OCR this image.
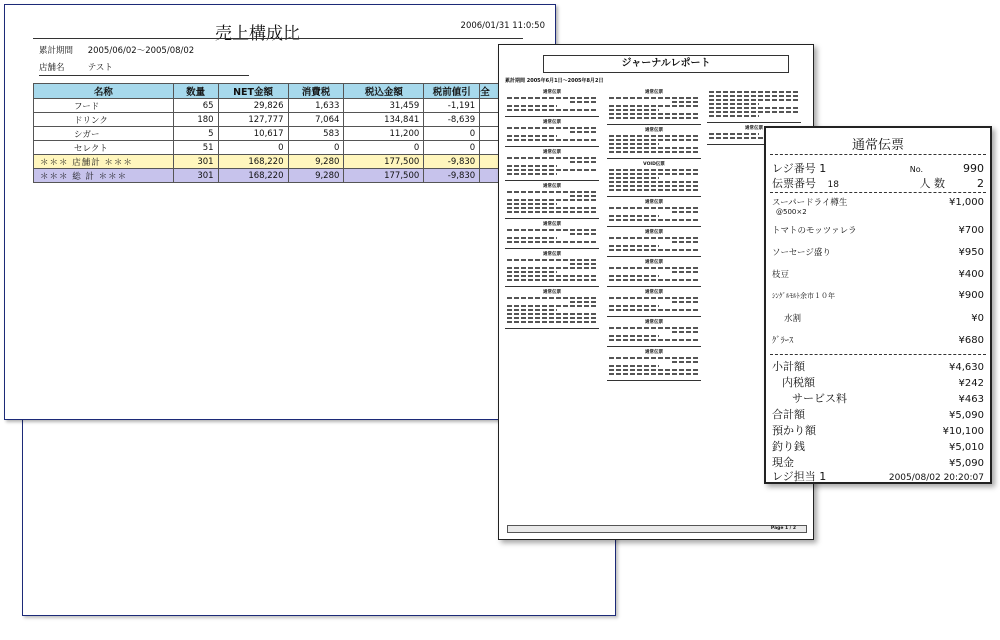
売上構成比	2006/01/31 11:0:50
累計期間 2005/06/02～2005/08/02
店舗名	テスト
名称	数量	NET金額	消費税	税込金額	税前値引	全
フード	65	29,826	1,633	31,459	-1,191	
ドリンク	180	127,777	7,064	134,841	-8,639	
シガー	5	10,617	583	11,200	0	
セレクト	51	0	0	0	0	
＊＊＊ 店舗計 ＊＊＊	301	168,220	9,280	177,500	-9,830	
＊＊＊ 総 計 ＊＊＊	301	168,220	9,280	177,500	-9,830	
ジャーナルレポート
累計期間 2005年6月1日～2005年8月2日
通常伝票
通常伝票
通常伝票
通常伝票
通常伝票
通常伝票
通常伝票
通常伝票
通常伝票
VOID伝票
通常伝票
通常伝票
通常伝票
通常伝票
通常伝票
通常伝票
通常伝票
Page 1 / 2
通常伝票
レジ番号 1	No.	990
伝票番号 18	人 数	2
スーパードライ樽生	¥1,000
@500×2
トマトのモッツァレラ	¥700
ソーセージ盛り	¥950
枝豆	¥400
ｼﾝｸﾞﾙﾓﾙﾄ余市１０年	¥900
水割	¥0
ｸﾞﾗｰｽ	¥680
小計額	¥4,630
内税額	¥242
サービス料	¥463
合計額	¥5,090
預かり額	¥10,100
釣り銭	¥5,010
現金	¥5,090
レジ担当 1	2005/08/02 20:20:07
